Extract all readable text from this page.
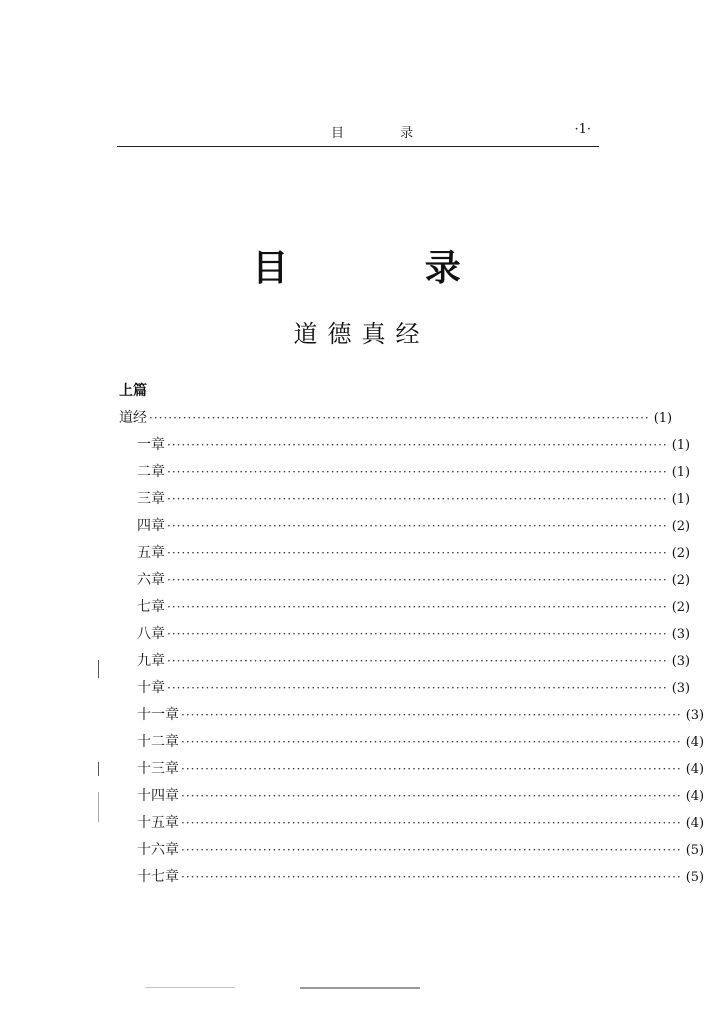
目 录	·1·
目 录
道德真经
上篇
道经 ········································································································ (1)
一章 ········································································································ (1)
二章 ········································································································ (1)
三章 ········································································································ (1)
四章 ········································································································ (2)
五章 ········································································································ (2)
六章 ········································································································ (2)
七章 ········································································································ (2)
八章 ········································································································ (3)
九章 ········································································································ (3)
十章 ········································································································ (3)
十一章 ········································································································ (3)
十二章 ········································································································ (4)
十三章 ········································································································ (4)
十四章 ········································································································ (4)
十五章 ········································································································ (4)
十六章 ········································································································ (5)
十七章 ········································································································ (5)
